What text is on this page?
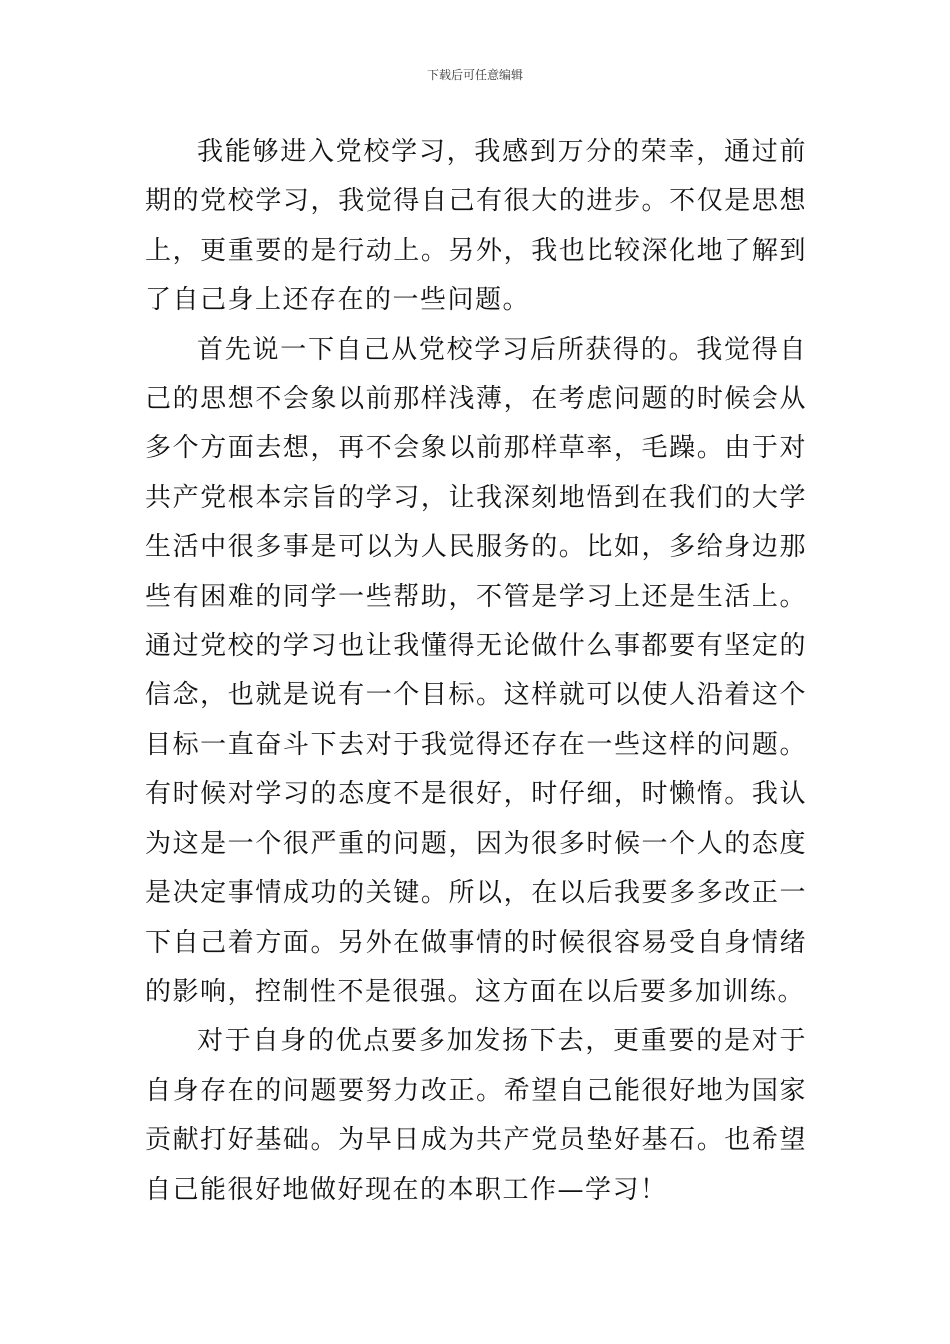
下载后可任意编辑

我能够进入党校学习，我感到万分的荣幸，通过前期的党校学习，我觉得自己有很大的进步。不仅是思想上，更重要的是行动上。另外，我也比较深化地了解到了自己身上还存在的一些问题。

首先说一下自己从党校学习后所获得的。我觉得自己的思想不会象以前那样浅薄，在考虑问题的时候会从多个方面去想，再不会象以前那样草率，毛躁。由于对共产党根本宗旨的学习，让我深刻地悟到在我们的大学生活中很多事是可以为人民服务的。比如，多给身边那些有困难的同学一些帮助，不管是学习上还是生活上。通过党校的学习也让我懂得无论做什么事都要有坚定的信念，也就是说有一个目标。这样就可以使人沿着这个目标一直奋斗下去对于我觉得还存在一些这样的问题。有时候对学习的态度不是很好，时仔细，时懒惰。我认为这是一个很严重的问题，因为很多时候一个人的态度是决定事情成功的关键。所以，在以后我要多多改正一下自己着方面。另外在做事情的时候很容易受自身情绪的影响，控制性不是很强。这方面在以后要多加训练。

对于自身的优点要多加发扬下去，更重要的是对于自身存在的问题要努力改正。希望自己能很好地为国家贡献打好基础。为早日成为共产党员垫好基石。也希望自己能很好地做好现在的本职工作—学习！
